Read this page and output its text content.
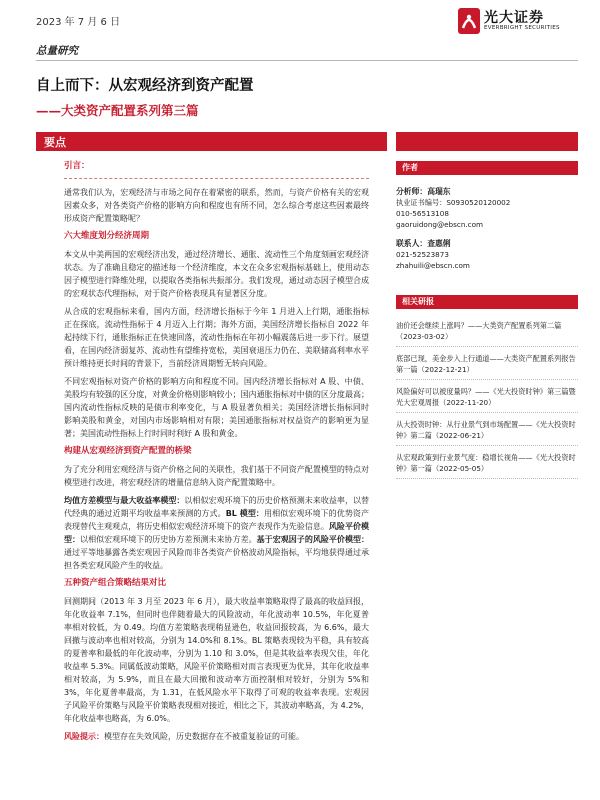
2023 年 7 月 6 日	光大证券
EVERBRIGHT SECURITIES
总量研究
自上而下：从宏观经济到资产配置
——大类资产配置系列第三篇
要点
引言：

通常我们认为，宏观经济与市场之间存在着紧密的联系，然而，与资产价格有关的宏观因素众多，对各类资产价格的影响方向和程度也有所不同，怎么综合考虑这些因素最终形成资产配置策略呢？

六大维度划分经济周期

本文从中美两国的宏观经济出发，通过经济增长、通胀、流动性三个角度刻画宏观经济状态。为了准确且稳定的描述每一个经济维度，本文在众多宏观指标基础上，使用动态因子模型进行降维处理，以提取各类指标共振部分。我们发现，通过动态因子模型合成的宏观状态代理指标，对于资产价格表现具有显著区分度。

从合成的宏观指标来看，国内方面，经济增长指标于今年 1 月进入上行期，通胀指标正在探底，流动性指标于 4 月迈入上行期；海外方面，美国经济增长指标自 2022 年起持续下行，通胀指标正在快速回落，流动性指标在年初小幅震荡后进一步下行。展望看，在国内经济弱复苏、流动性有望维持宽松，美国衰退压力仍在、美联储高利率水平预计维持更长时间的背景下，当前经济周期暂无转向风险。

不同宏观指标对资产价格的影响方向和程度不同。国内经济增长指标对 A 股、中债、美股均有较强的区分度，对黄金价格则影响较小；国内通胀指标对中债的区分度最高；国内流动性指标反映的是债市利率变化，与 A 股显著负相关；美国经济增长指标同时影响美股和黄金，对国内市场影响相对有限；美国通胀指标对权益资产的影响更为显著；美国流动性指标上行时同时利好 A 股和黄金。

构建从宏观经济到资产配置的桥梁

为了充分利用宏观经济与资产价格之间的关联性，我们基于不同资产配置模型的特点对模型进行改进，将宏观经济的增量信息纳入资产配置策略中。

均值方差模型与最大收益率模型：以相似宏观环境下的历史价格预测未来收益率，以替代经典的通过近期平均收益率来预测的方式。BL 模型：用相似宏观环境下的优势资产表现替代主观观点，将历史相似宏观经济环境下的资产表现作为先验信息。风险平价模型：以相似宏观环境下的历史协方差预测未来协方差。基于宏观因子的风险平价模型：通过平等地暴露各类宏观因子风险而非各类资产价格波动风险指标，平均地获得通过承担各类宏观风险产生的收益。

五种资产组合策略结果对比

回测期间（2013 年 3 月至 2023 年 6 月），最大收益率策略取得了最高的收益回报，年化收益率 7.1%，但同时也伴随着最大的风险波动，年化波动率 10.5%，年化夏普率相对较低，为 0.49。均值方差策略表现稍显逊色，收益回报较高，为 6.6%，最大回撤与波动率也相对较高，分别为 14.0%和 8.1%。BL 策略表现较为平稳，具有较高的夏普率和最低的年化波动率，分别为 1.10 和 3.0%，但是其收益率表现欠佳，年化收益率 5.3%。同属低波动策略，风险平价策略相对而言表现更为优异，其年化收益率相对较高，为 5.9%，而且在最大回撤和波动率方面控制相对较好，分别为 5%和 3%，年化夏普率最高，为 1.31，在低风险水平下取得了可观的收益率表现。宏观因子风险平价策略与风险平价策略表现相对接近，相比之下，其波动率略高，为 4.2%，年化收益率也略高，为 6.0%。

风险提示：模型存在失效风险，历史数据存在不被重复验证的可能。

作者
分析师：高瑞东
执业证书编号：S0930520120002
010-56513108
gaoruidong@ebscn.com
联系人：查惠俐
021-52523873
zhahuili@ebscn.com
相关研报
油价还会继续上涨吗？——大类资产配置系列第二篇（2023-03-02）
底部已现，美金步入上行通道——大类资产配置系列报告第一篇（2022-12-21）
风险偏好可以被度量吗？——《光大投资时钟》第三篇暨光大宏观周报（2022-11-20）
从大投资时钟：从行业景气到市场配置——《光大投资时钟》第二篇（2022-06-21）
从宏观政策到行业景气度：稳增长视角——《光大投资时钟》第一篇（2022-05-05）
